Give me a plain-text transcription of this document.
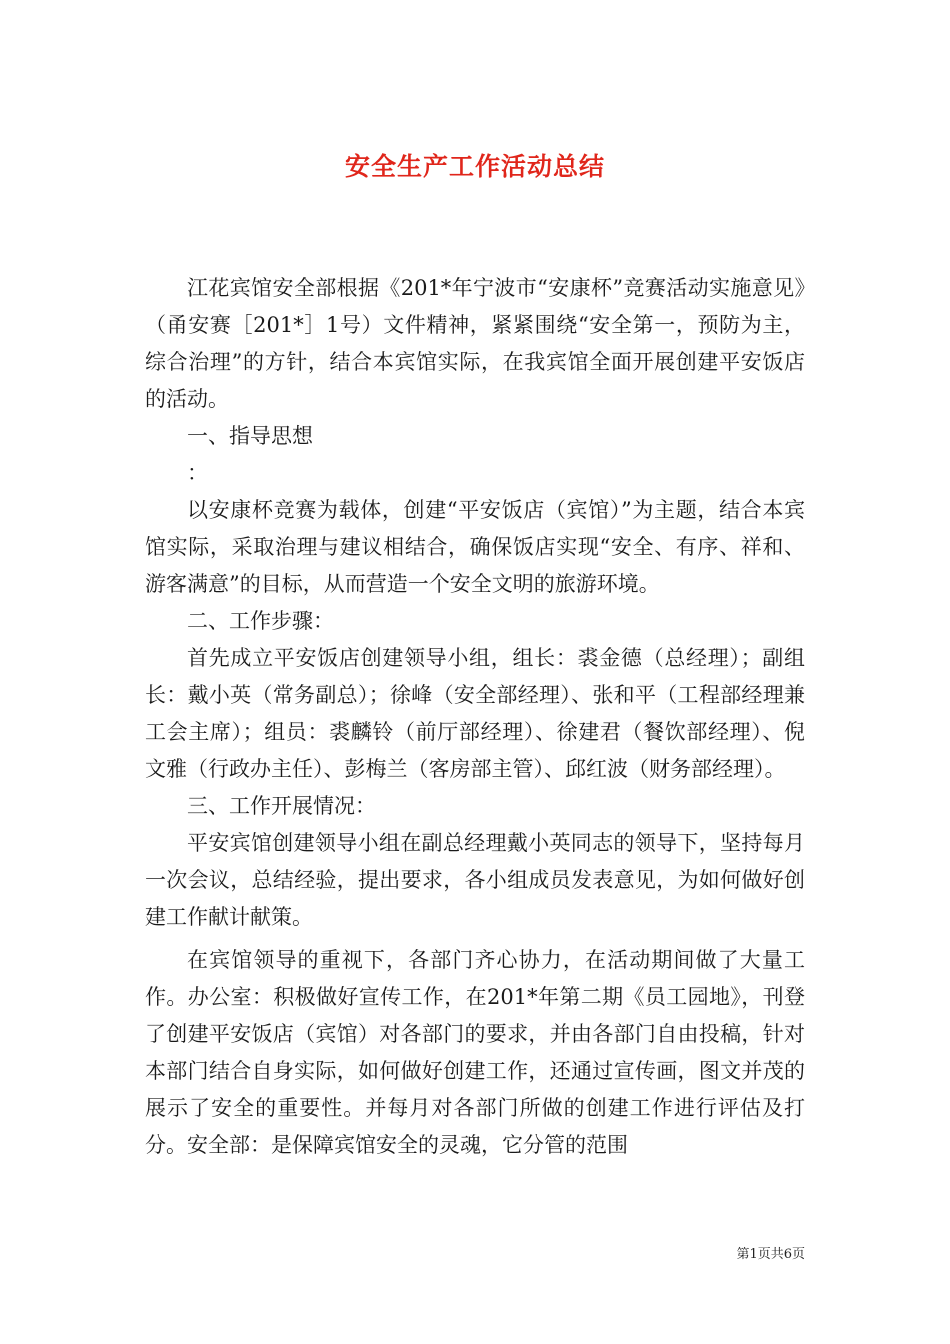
安全生产工作活动总结

江花宾馆安全部根据《201*年宁波市“安康杯”竞赛活动实施意见》（甬安赛［201*］1号）文件精神，紧紧围绕“安全第一，预防为主，综合治理”的方针，结合本宾馆实际，在我宾馆全面开展创建平安饭店的活动。

一、指导思想

：

以安康杯竞赛为载体，创建“平安饭店（宾馆）”为主题，结合本宾馆实际，采取治理与建议相结合，确保饭店实现“安全、有序、祥和、游客满意”的目标，从而营造一个安全文明的旅游环境。

二、工作步骤：

首先成立平安饭店创建领导小组，组长：裘金德（总经理）；副组长：戴小英（常务副总）；徐峰（安全部经理）、张和平（工程部经理兼工会主席）；组员：裘麟铃（前厅部经理）、徐建君（餐饮部经理）、倪文雅（行政办主任）、彭梅兰（客房部主管）、邱红波（财务部经理）。

三、工作开展情况：

平安宾馆创建领导小组在副总经理戴小英同志的领导下，坚持每月一次会议，总结经验，提出要求，各小组成员发表意见，为如何做好创建工作献计献策。

在宾馆领导的重视下，各部门齐心协力，在活动期间做了大量工作。办公室：积极做好宣传工作，在201*年第二期《员工园地》，刊登了创建平安饭店（宾馆）对各部门的要求，并由各部门自由投稿，针对本部门结合自身实际，如何做好创建工作，还通过宣传画，图文并茂的展示了安全的重要性。并每月对各部门所做的创建工作进行评估及打分。安全部：是保障宾馆安全的灵魂，它分管的范围

第1页共6页
